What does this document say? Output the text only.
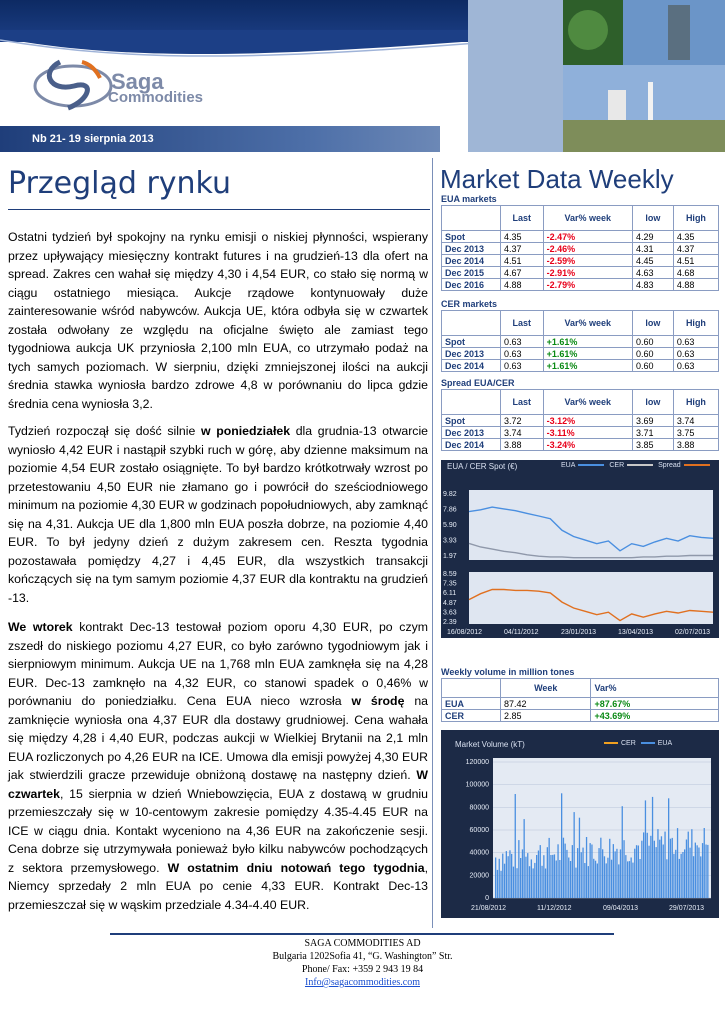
Saga
Commodities
Nb 21- 19 sierpnia 2013
Przegląd rynku
Ostatni tydzień był spokojny na rynku emisji o niskiej płynności, wspierany przez upływający miesięczny kontrakt futures i na grudzień-13 dla ofert na spread. Zakres cen wahał się między 4,30 i 4,54 EUR, co stało się normą w ciągu ostatniego miesiąca. Aukcje rządowe kontynuowały duże zainteresowanie wśród nabywców. Aukcja UE, która odbyła się w czwartek została odwołany ze względu na oficjalne święto ale zamiast tego tygodniowa aukcja UK przyniosła 2,100 mln EUA, co utrzymało podaż na tych samych poziomach. W sierpniu, dzięki zmniejszonej ilości na aukcji średnia stawka wyniosła bardzo zdrowe 4,8 w porównaniu do lipca gdzie średnia cena wyniosła 3,2.
Tydzień rozpoczął się dość silnie w poniedziałek dla grudnia-13 otwarcie wyniosło 4,42 EUR i nastąpił szybki ruch w górę, aby dzienne maksimum na poziomie 4,54 EUR zostało osiągnięte. To był bardzo krótkotrwały wzrost po przetestowaniu 4,50 EUR nie złamano go i powrócił do sześciodniowego minimum na poziomie 4,30 EUR w godzinach popołudniowych, aby zamknąć się na 4,31. Aukcja UE dla 1,800 mln EUA poszła dobrze, na poziomie 4,40 EUR. To był jedyny dzień z dużym zakresem cen. Reszta tygodnia pozostawała pomiędzy 4,27 i 4,45 EUR, dla wszystkich transakcji kończących się na tym samym poziomie 4,37 EUR dla kontraktu na grudzień -13.
We wtorek kontrakt Dec-13 testował poziom oporu 4,30 EUR, po czym zszedł do niskiego poziomu 4,27 EUR, co było zarówno tygodniowym jak i sierpniowym minimum. Aukcja UE na 1,768 mln EUA zamknęła się na 4,28 EUR. Dec-13 zamknęło na 4,32 EUR, co stanowi spadek o 0,46% w porównaniu do poniedziałku. Cena EUA nieco wzrosła w środę na zamknięcie wyniosła ona 4,37 EUR dla dostawy grudniowej. Cena wahała się między 4,28 i 4,40 EUR, podczas aukcji w Wielkiej Brytanii na 2,1 mln EUA rozliczonych po 4,26 EUR na ICE. Umowa dla emisji powyżej 4,30 EUR jak stwierdzili gracze przewiduje obniżoną dostawę na następny dzień. W czwartek, 15 sierpnia w dzień Wniebowzięcia, EUA z dostawą w grudniu przemieszczały się w 10-centowym zakresie pomiędzy 4.35-4.45 EUR na ICE w ciągu dnia. Kontakt wyceniono na 4,36 EUR na zakończenie sesji. Cena dobrze się utrzymywała ponieważ było kilku nabywców pochodzących z sektora przemysłowego. W ostatnim dniu notowań tego tygodnia, Niemcy sprzedały 2 mln EUA po cenie 4,33 EUR. Kontrakt Dec-13 przemieszczał się w wąskim przedziale 4.34-4.40 EUR.
Market Data Weekly
EUA markets
	Last	Var% week	low	High
Spot	4.35	-2.47%	4.29	4.35
Dec 2013	4.37	-2.46%	4.31	4.37
Dec 2014	4.51	-2.59%	4.45	4.51
Dec 2015	4.67	-2.91%	4.63	4.68
Dec 2016	4.88	-2.79%	4.83	4.88
CER markets
	Last	Var% week	low	High
Spot	0.63	+1.61%	0.60	0.63
Dec 2013	0.63	+1.61%	0.60	0.63
Dec 2014	0.63	+1.61%	0.60	0.63
Spread EUA/CER
	Last	Var% week	low	High
Spot	3.72	-3.12%	3.69	3.74
Dec 2013	3.74	-3.11%	3.71	3.75
Dec 2014	3.88	-3.24%	3.85	3.88
EUA / CER Spot (€)	EUA	CER	Spread
9.82
7.86
5.90
3.93
1.97
8.59
7.35
6.11
4.87
3.63
2.39
16/08/2012	04/11/2012	23/01/2013	13/04/2013	02/07/2013
Weekly volume in million tones
	Week	Var%
EUA	87.42	+87.67%
CER	2.85	+43.69%
Market Volume (kT)	CER	EUA
120000
100000
80000
60000
40000
20000
0
21/08/2012	11/12/2012	09/04/2013	29/07/2013
SAGA COMMODITIES AD
Bulgaria 1202Sofia 41, “G. Washington” Str.
Phone/ Fax: +359 2 943 19 84
Info@sagacommodities.com
